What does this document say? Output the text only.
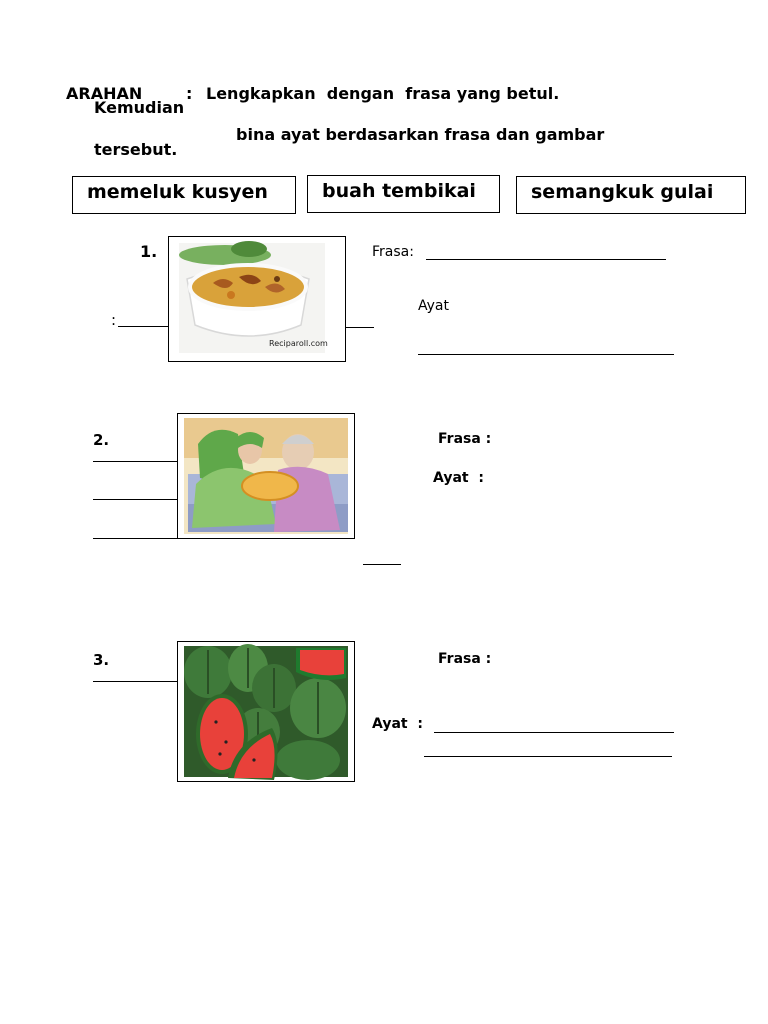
ARAHAN	: Lengkapkan  dengan  frasa yang betul.
Kemudian
bina ayat berdasarkan frasa dan gambar
tersebut.
memeluk kusyen	buah tembikai	semangkuk gulai
1.
Reciparoll.com
:
Frasa:
Ayat
2.	Frasa :
Ayat  :
3.	Frasa :
Ayat  :
